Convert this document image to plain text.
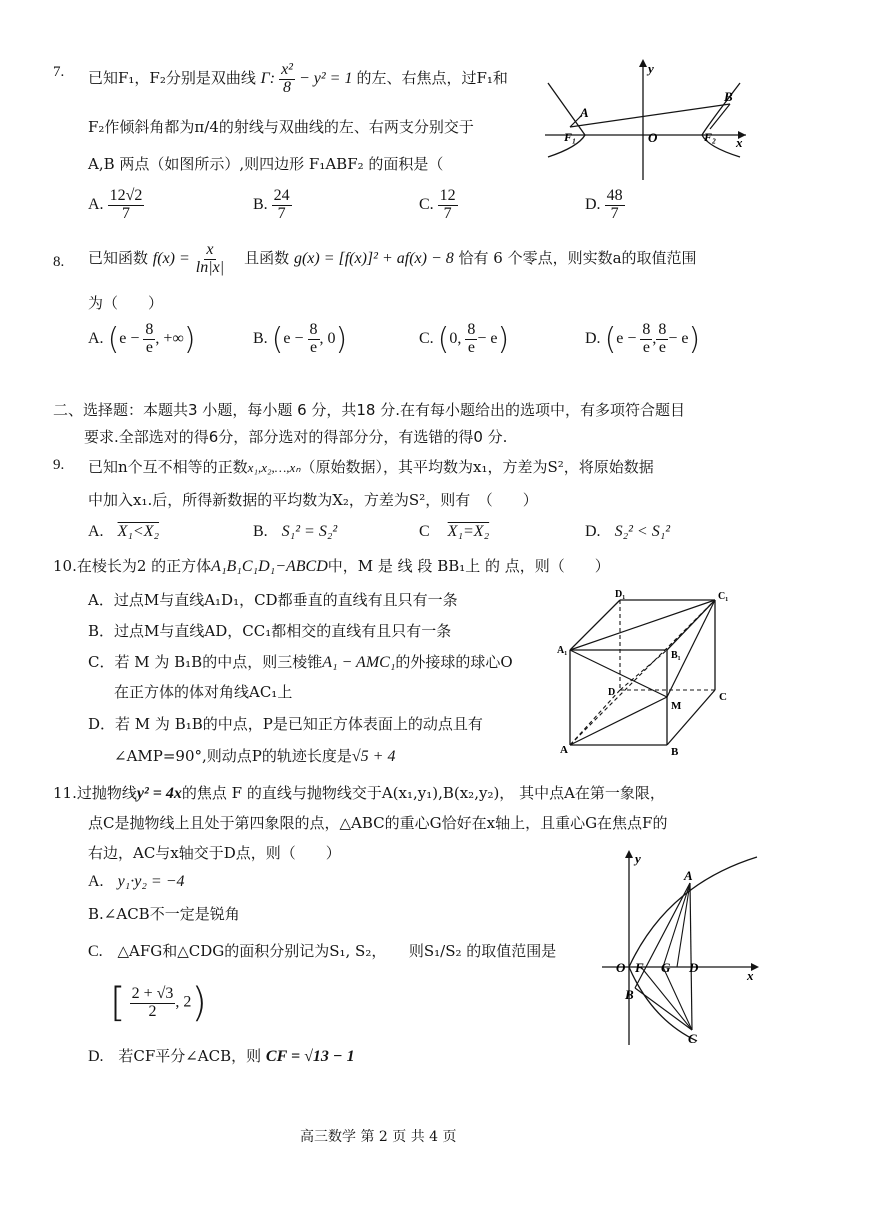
7. 已知F₁，F₂分别是双曲线 Γ: $\frac{\text{x²}}{8} - y^2 = 1$ 的左、右焦点，过F₁和
F₂作倾斜角都为π/4的射线与双曲线的左、右两支分别交于
A,B 两点（如图所示）,则四边形 F₁ABF₂ 的面积是（
A. $\frac{12√2}{7}$	B. $\frac{24}{7}$	C. $\frac{12}{7}$	D. $\frac{48}{7}$
A
B
F₁	F₂
O
y
x
8. 已知函数 $f(x) = \frac{x}{\ln|x|}$ 且函数 g(x) = [f(x)]² + af(x) − 8 恰有 6 个零点，则实数a的取值范围
为（　　）
A. ($e - \frac{8}{e}$ , +∞)	B. ($e - \frac{8}{e}$ , 0)	C. (0, $\frac{8}{e} - e$)	D. ($e - \frac{8}{e}$ , $\frac{8}{e} - e$)
二、选择题：本题共3 小题，每小题 6 分，共18 分.在有每小题给出的选项中，有多项符合题目
要求.全部选对的得6分，部分选对的得部分分，有选错的得0 分.
9. 已知n个互不相等的正数x₁,x₂,…,xₙ（原始数据），其平均数为x₁，方差为S²，将原始数据
中加入x₁.后，所得新数据的平均数为X₂，方差为S²，则有　（　　）
A. X₁<X₂	B. S₁² = S₂²	C X₁=X₂	D. S₂² < S₁²
10.在棱长为2 的正方体A₁B₁C₁D₁−ABCD中，M 是 线 段 BB₁上 的 点，则（　　）
A．过点M与直线A₁D₁，CD都垂直的直线有且只有一条
B．过点M与直线AD，CC₁都相交的直线有且只有一条
C．若 M 为 B₁B的中点，则三棱锥A₁ − AMC₁的外接球的球心O
在正方体的体对角线AC₁上
D．若 M 为 B₁B的中点，P是已知正方体表面上的动点且有
∠AMP=90°,则动点P的轨迹长度是√5 + 4
D₁	C₁
A₁	B₁
D	C
M
A	B
11.过抛物线y² = 4x的焦点 F 的直线与抛物线交于A(x₁,y₁),B(x₂,y₂)， 其中点A在第一象限，
点C是抛物线上且处于第四象限的点，△ABC的重心G恰好在x轴上，且重心G在焦点F的
右边，AC与x轴交于D点，则（　　）
A. y₁·y₂ = −4
B.∠ACB不一定是锐角
C. △AFG和△CDG的面积分别记为S₁, S₂，　　则S₁/S₂ 的取值范围是
[ $\frac{2 + √3}{2}$ , 2)
D. 若CF平分∠ACB，则 CF = √13 − 1
y
x
A
B
C
O F G D
高三数学 第 2 页 共 4 页
